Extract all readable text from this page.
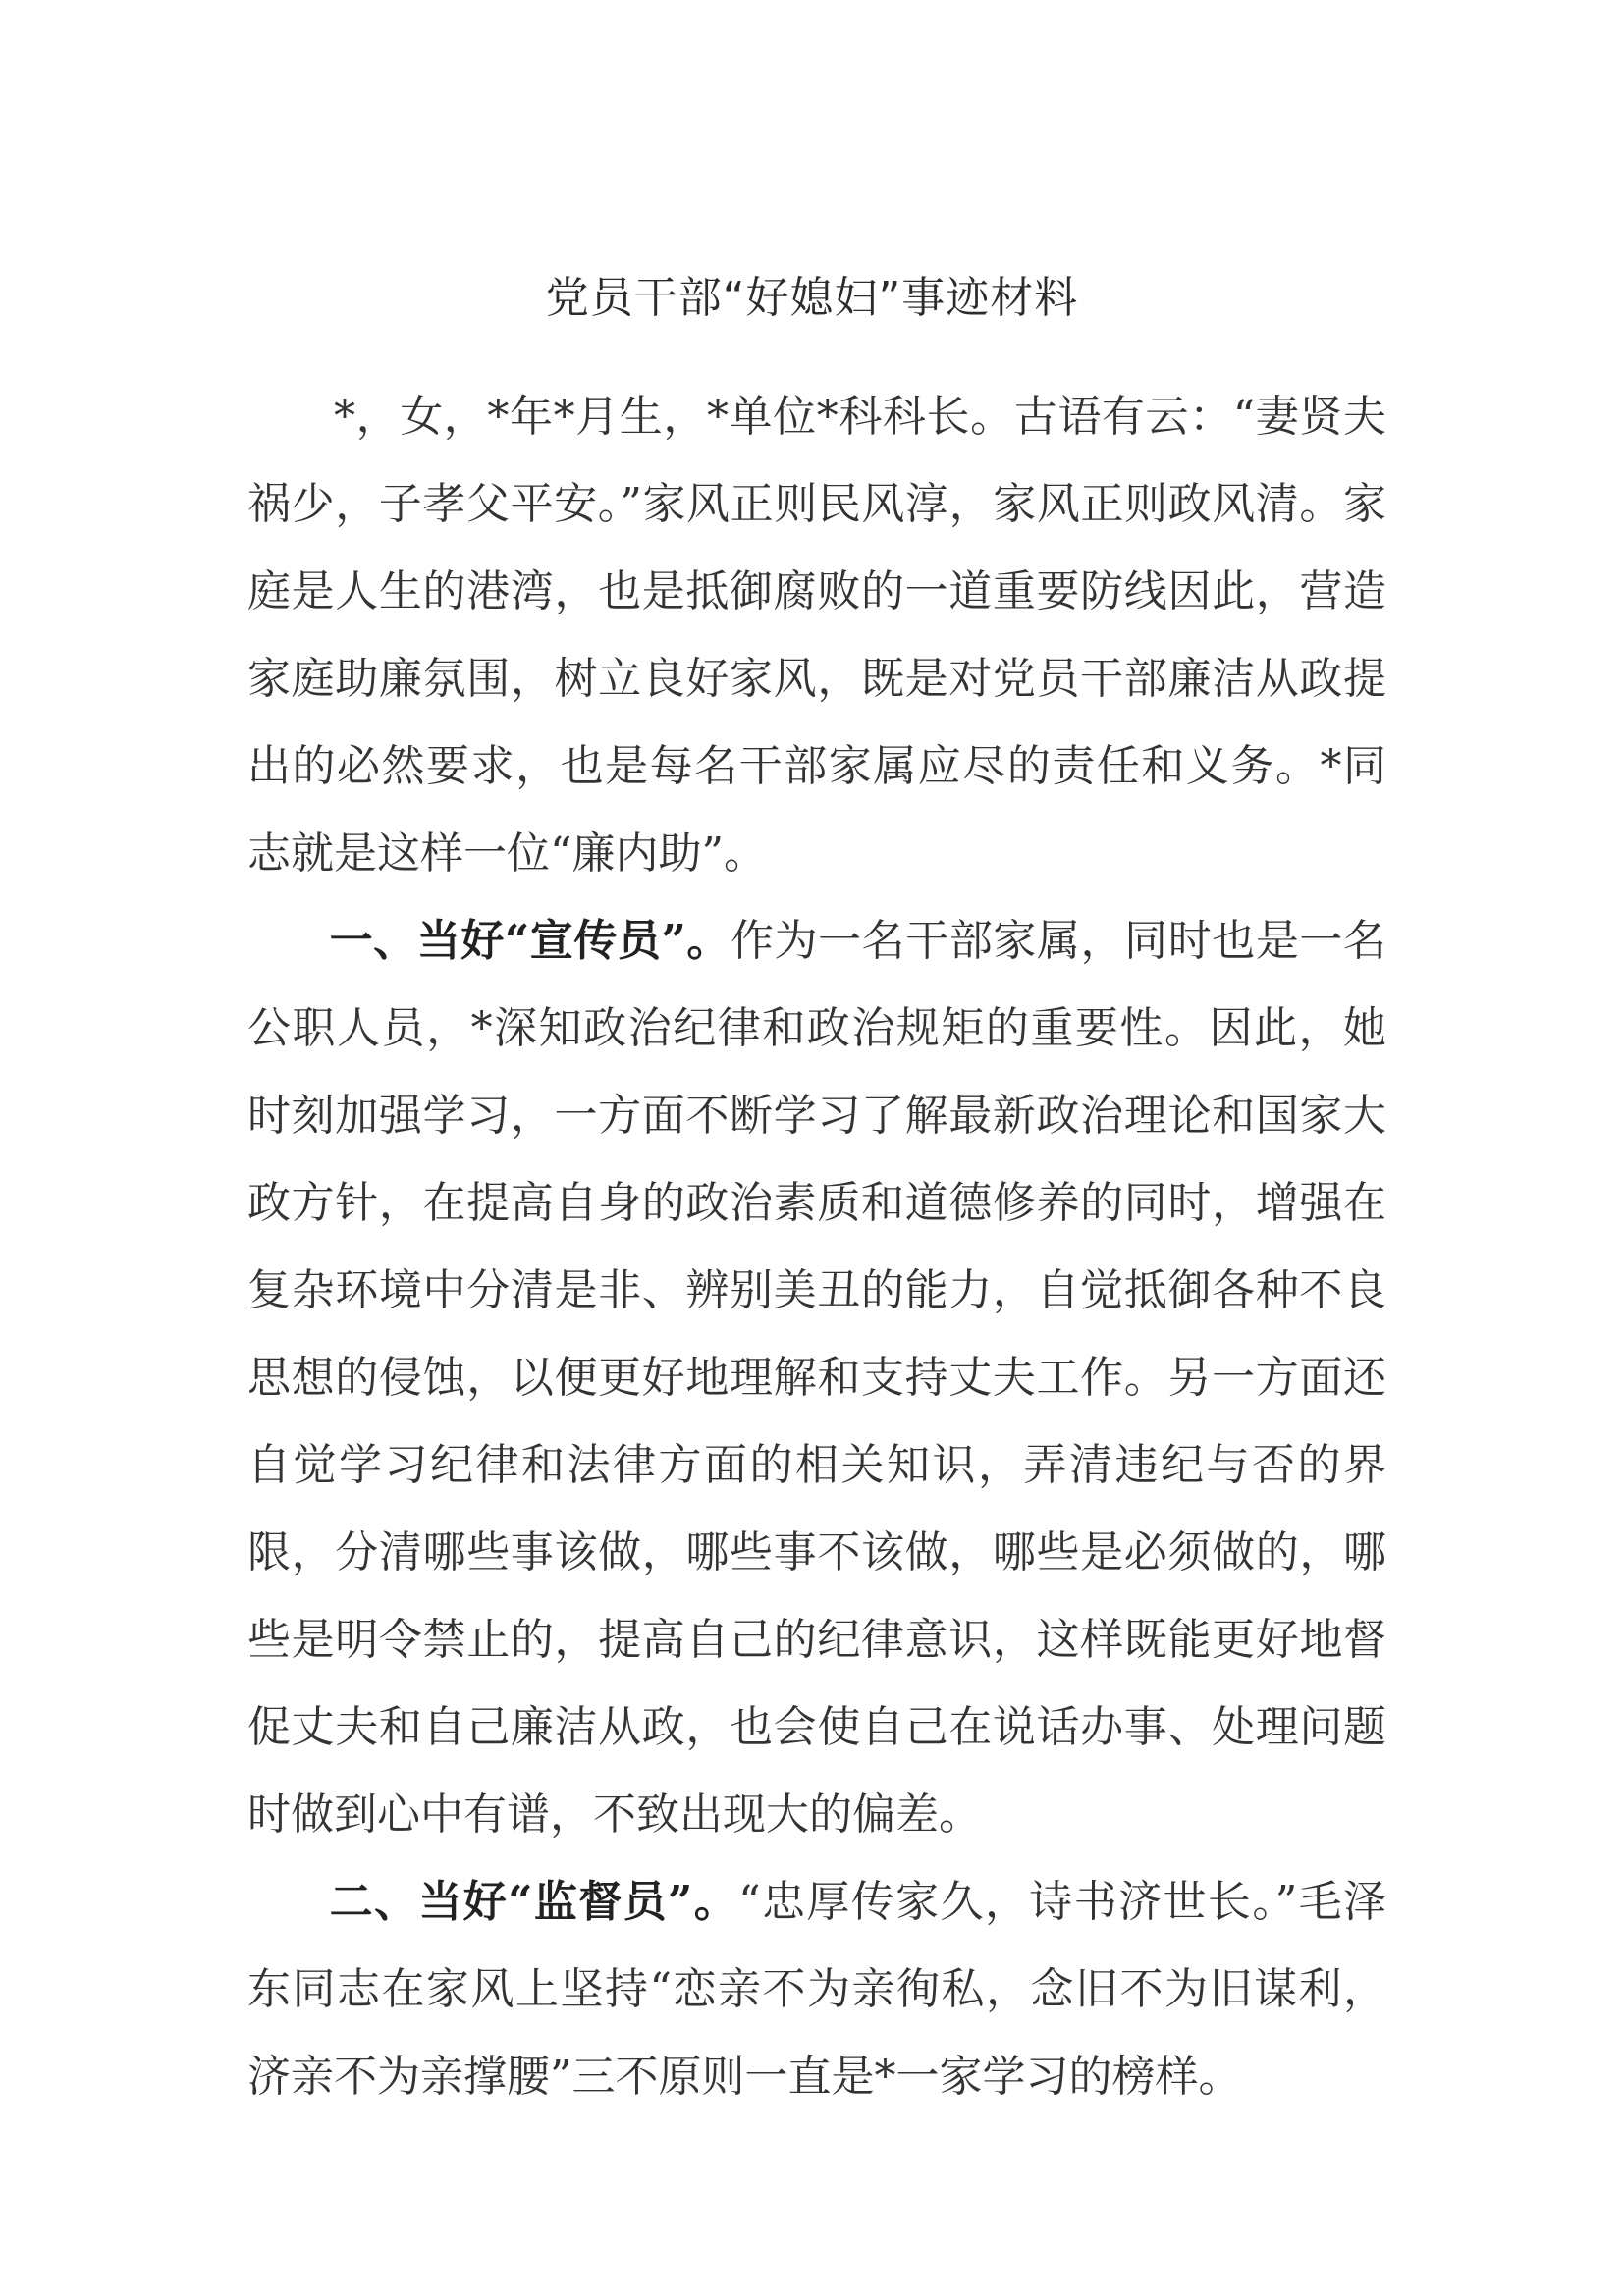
党员干部“好媳妇”事迹材料

*，女，*年*月生，*单位*科科长。古语有云：“妻贤夫祸少，子孝父平安。”家风正则民风淳，家风正则政风清。家庭是人生的港湾，也是抵御腐败的一道重要防线因此，营造家庭助廉氛围，树立良好家风，既是对党员干部廉洁从政提出的必然要求，也是每名干部家属应尽的责任和义务。*同志就是这样一位“廉内助”。

一、当好“宣传员”。作为一名干部家属，同时也是一名公职人员，*深知政治纪律和政治规矩的重要性。因此，她时刻加强学习，一方面不断学习了解最新政治理论和国家大政方针，在提高自身的政治素质和道德修养的同时，增强在复杂环境中分清是非、辨别美丑的能力，自觉抵御各种不良思想的侵蚀，以便更好地理解和支持丈夫工作。另一方面还自觉学习纪律和法律方面的相关知识，弄清违纪与否的界限，分清哪些事该做，哪些事不该做，哪些是必须做的，哪些是明令禁止的，提高自己的纪律意识，这样既能更好地督促丈夫和自己廉洁从政，也会使自己在说话办事、处理问题时做到心中有谱，不致出现大的偏差。

二、当好“监督员”。“忠厚传家久，诗书济世长。”毛泽东同志在家风上坚持“恋亲不为亲徇私，念旧不为旧谋利，济亲不为亲撑腰”三不原则一直是*一家学习的榜样。
